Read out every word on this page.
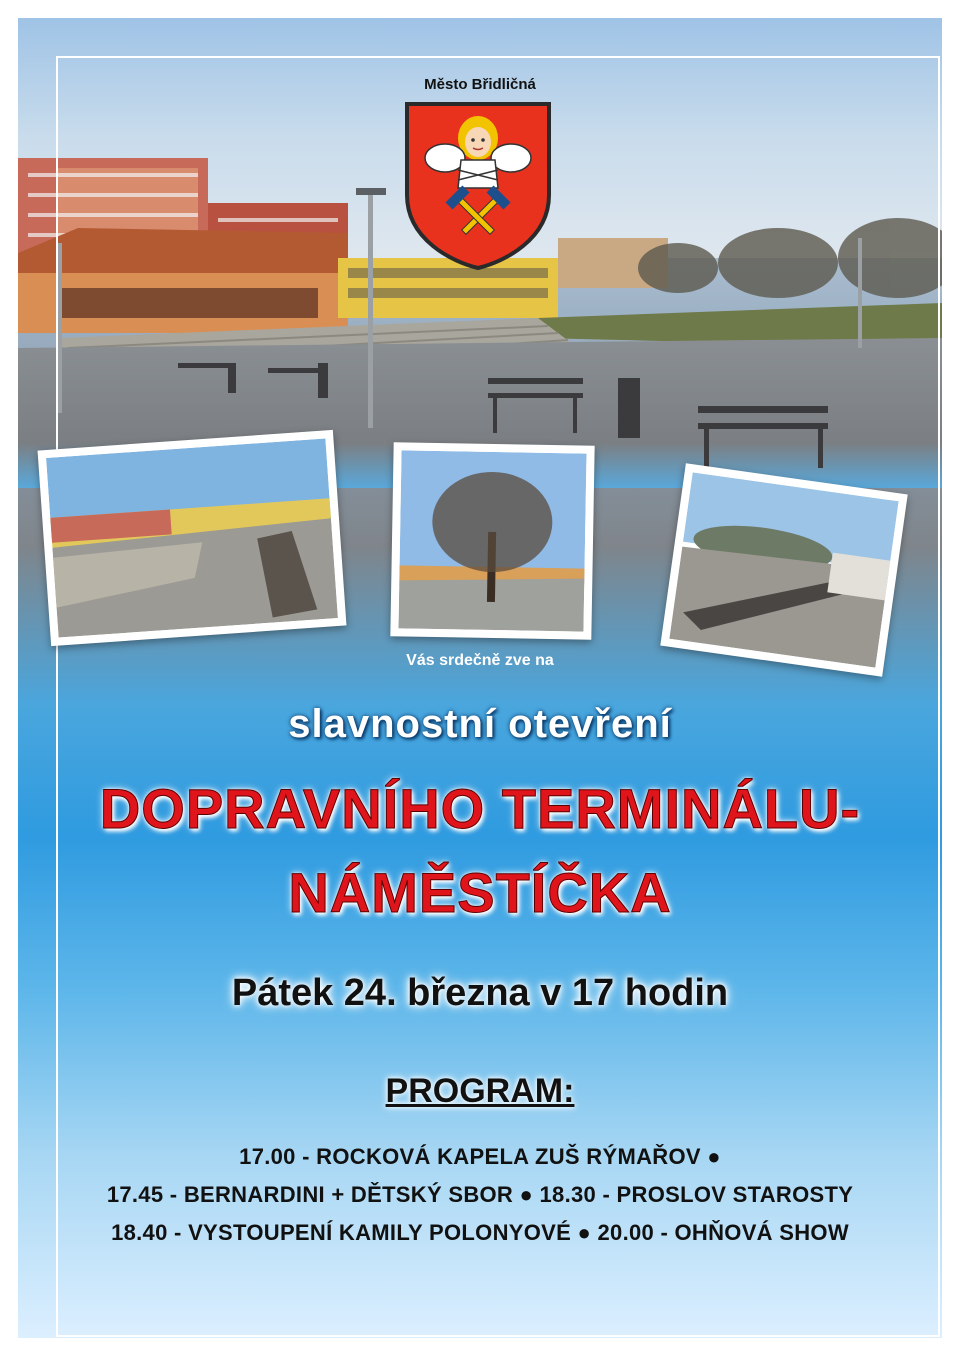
Město Břidličná
Vás srdečně zve na
slavnostní otevření
DOPRAVNÍHO TERMINÁLU-
NÁMĚSTÍČKA
Pátek 24. března v 17 hodin
PROGRAM:
17.00 - ROCKOVÁ KAPELA ZUŠ RÝMAŘOV ●
17.45 - BERNARDINI + DĚTSKÝ SBOR ● 18.30 - PROSLOV STAROSTY
18.40 - VYSTOUPENÍ KAMILY POLONYOVÉ ● 20.00 - OHŇOVÁ SHOW
